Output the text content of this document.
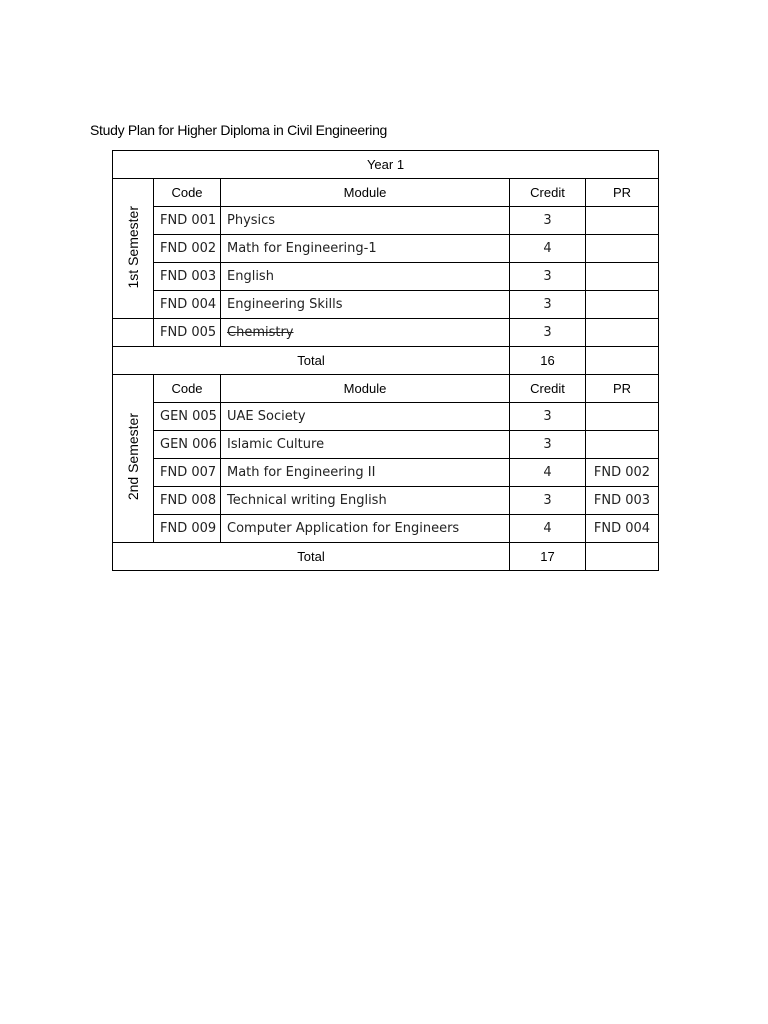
Study Plan for Higher Diploma in Civil Engineering
Year 1				
1st Semester	Code	Module	Credit	PR
	FND 001	Physics	3	
	FND 002	Math for Engineering-1	4	
	FND 003	English	3	
	FND 004	Engineering Skills	3	
	FND 005	Chemistry	3	
Total			16	
2nd Semester	Code	Module	Credit	PR
	GEN 005	UAE Society	3	
	GEN 006	Islamic Culture	3	
	FND 007	Math for Engineering II	4	FND 002
	FND 008	Technical writing English	3	FND 003
	FND 009	Computer Application for Engineers	4	FND 004
Total			17	
